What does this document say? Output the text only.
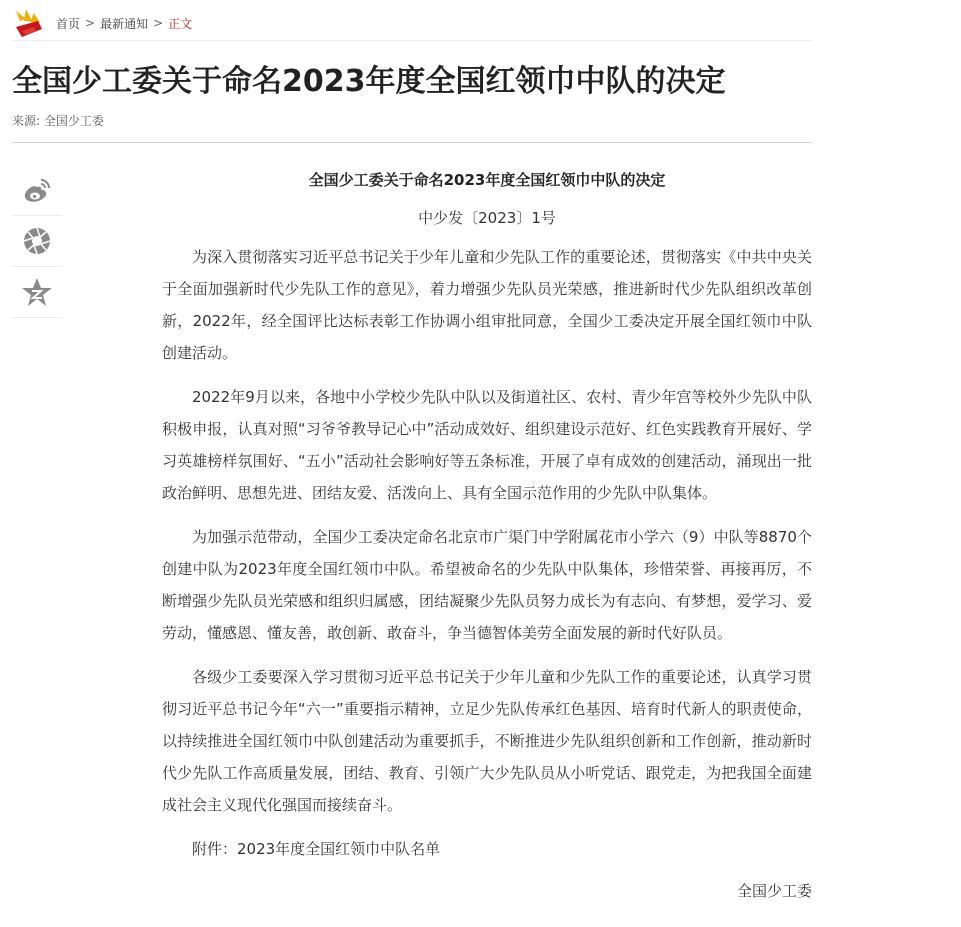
首页 > 最新通知 > 正文
全国少工委关于命名2023年度全国红领巾中队的决定
来源: 全国少工委

全国少工委关于命名2023年度全国红领巾中队的决定

中少发〔2023〕1号

为深入贯彻落实习近平总书记关于少年儿童和少先队工作的重要论述，贯彻落实《中共中央关于全面加强新时代少先队工作的意见》，着力增强少先队员光荣感，推进新时代少先队组织改革创新，2022年，经全国评比达标表彰工作协调小组审批同意，全国少工委决定开展全国红领巾中队创建活动。

2022年9月以来，各地中小学校少先队中队以及街道社区、农村、青少年宫等校外少先队中队积极申报，认真对照“习爷爷教导记心中”活动成效好、组织建设示范好、红色实践教育开展好、学习英雄榜样氛围好、“五小”活动社会影响好等五条标准，开展了卓有成效的创建活动，涌现出一批政治鲜明、思想先进、团结友爱、活泼向上、具有全国示范作用的少先队中队集体。

为加强示范带动，全国少工委决定命名北京市广渠门中学附属花市小学六（9）中队等8870个创建中队为2023年度全国红领巾中队。希望被命名的少先队中队集体，珍惜荣誉、再接再厉，不断增强少先队员光荣感和组织归属感，团结凝聚少先队员努力成长为有志向、有梦想，爱学习、爱劳动，懂感恩、懂友善，敢创新、敢奋斗，争当德智体美劳全面发展的新时代好队员。

各级少工委要深入学习贯彻习近平总书记关于少年儿童和少先队工作的重要论述，认真学习贯彻习近平总书记今年“六一”重要指示精神，立足少先队传承红色基因、培育时代新人的职责使命，以持续推进全国红领巾中队创建活动为重要抓手，不断推进少先队组织创新和工作创新，推动新时代少先队工作高质量发展，团结、教育、引领广大少先队员从小听党话、跟党走，为把我国全面建成社会主义现代化强国而接续奋斗。

附件：2023年度全国红领巾中队名单

全国少工委
